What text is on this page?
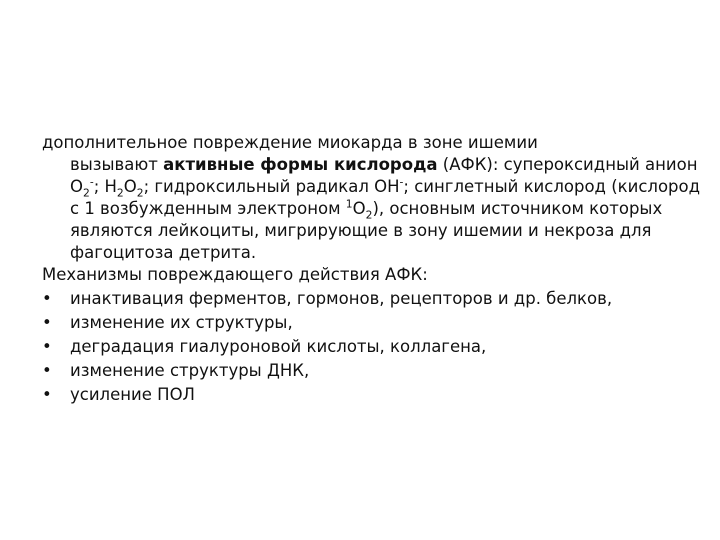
дополнительное повреждение миокарда в зоне ишемии

вызывают активные формы кислорода (АФК): супероксидный анион $О_2^-$; $Н_2О_2$; гидроксильный радикал ОН-; синглетный кислород (кислород с 1 возбужденным электроном $^1О_2$), основным источником которых являются лейкоциты, мигрирующие в зону ишемии и некроза для фагоцитоза детрита.

Механизмы повреждающего действия АФК:

• инактивация ферментов, гормонов, рецепторов и др. белков,
• изменение их структуры,
• деградация гиалуроновой кислоты, коллагена,
• изменение структуры ДНК,
• усиление ПОЛ
